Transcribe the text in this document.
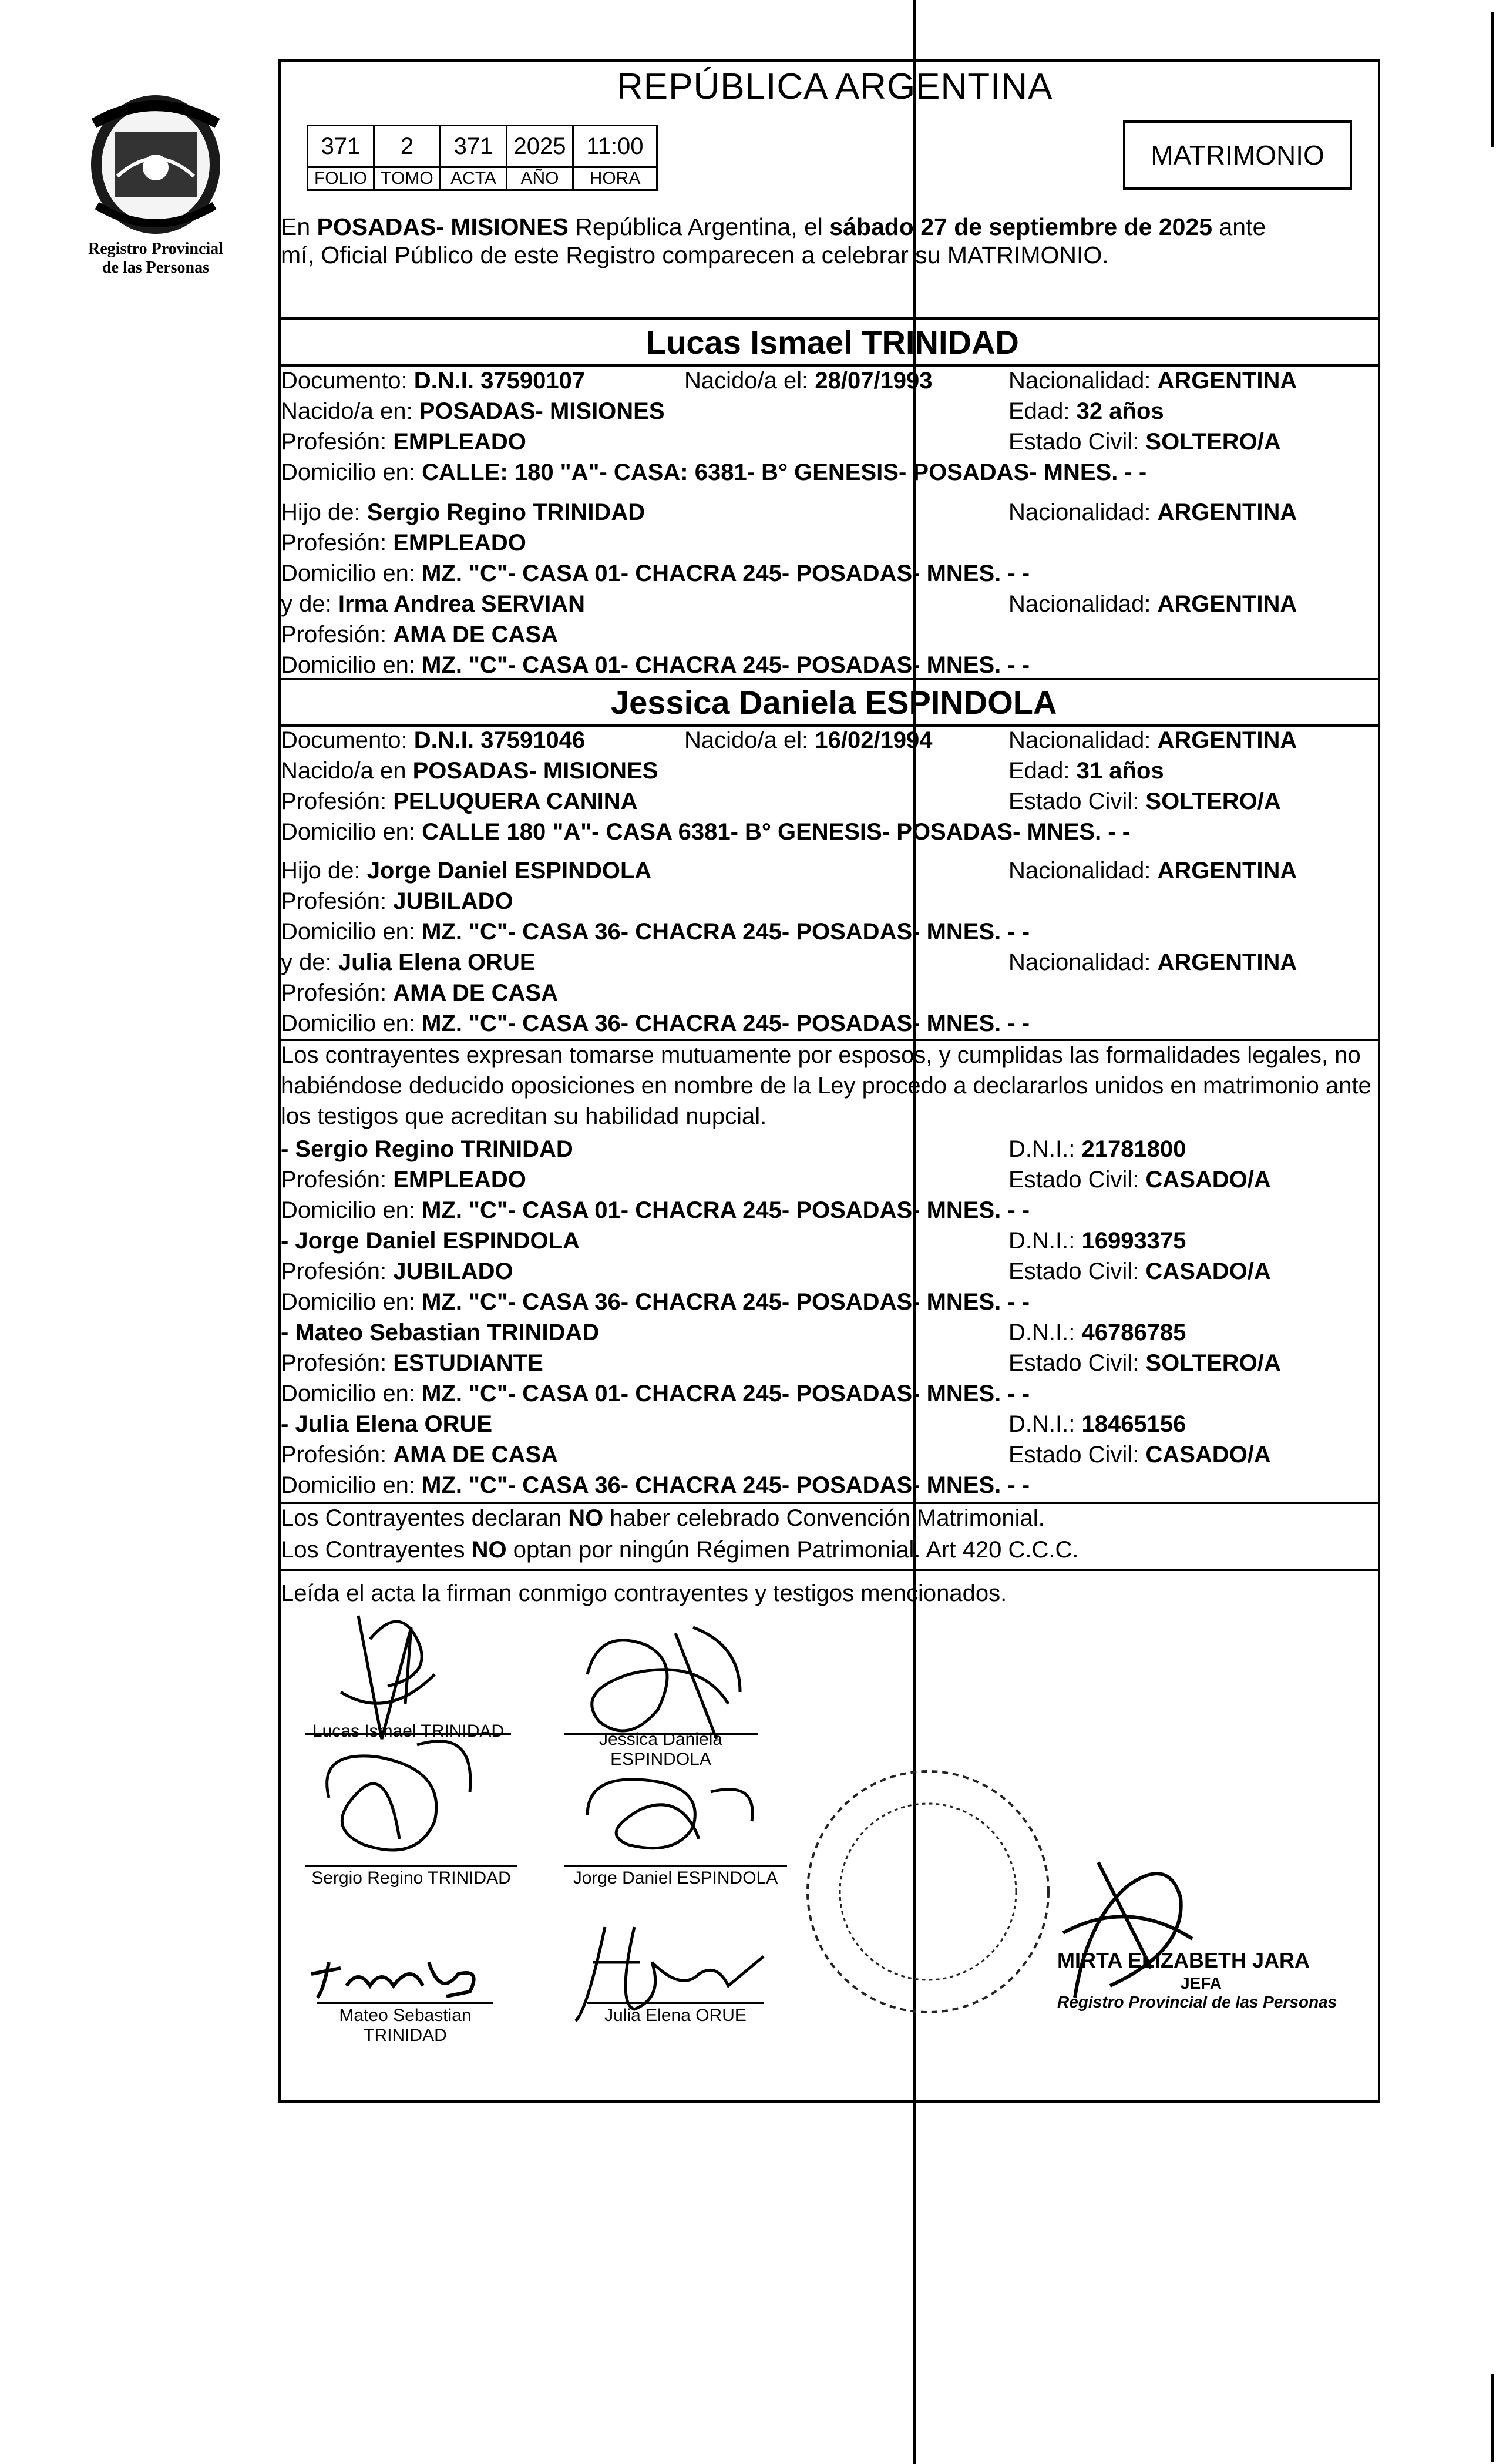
Registro Provincial
de las Personas
REPÚBLICA ARGENTINA
371	2	371	2025	11:00
FOLIO	TOMO	ACTA	AÑO	HORA
MATRIMONIO
En POSADAS- MISIONES República Argentina, el sábado 27 de septiembre de 2025 ante
mí, Oficial Público de este Registro comparecen a celebrar su MATRIMONIO.
Lucas Ismael TRINIDAD
Documento: D.N.I. 37590107	Nacido/a el: 28/07/1993	Nacionalidad: ARGENTINA
Nacido/a en: POSADAS- MISIONES	Edad: 32 años
Profesión: EMPLEADO	Estado Civil: SOLTERO/A
Domicilio en: CALLE: 180 "A"- CASA: 6381- B° GENESIS- POSADAS- MNES. - -
Hijo de: Sergio Regino TRINIDAD	Nacionalidad: ARGENTINA
Profesión: EMPLEADO
Domicilio en: MZ. "C"- CASA 01- CHACRA 245- POSADAS- MNES. - -
y de: Irma Andrea SERVIAN	Nacionalidad: ARGENTINA
Profesión: AMA DE CASA
Domicilio en: MZ. "C"- CASA 01- CHACRA 245- POSADAS- MNES. - -
Jessica Daniela ESPINDOLA
Documento: D.N.I. 37591046	Nacido/a el: 16/02/1994	Nacionalidad: ARGENTINA
Nacido/a en POSADAS- MISIONES	Edad: 31 años
Profesión: PELUQUERA CANINA	Estado Civil: SOLTERO/A
Domicilio en: CALLE 180 "A"- CASA 6381- B° GENESIS- POSADAS- MNES. - -
Hijo de: Jorge Daniel ESPINDOLA	Nacionalidad: ARGENTINA
Profesión: JUBILADO
Domicilio en: MZ. "C"- CASA 36- CHACRA 245- POSADAS- MNES. - -
y de: Julia Elena ORUE	Nacionalidad: ARGENTINA
Profesión: AMA DE CASA
Domicilio en: MZ. "C"- CASA 36- CHACRA 245- POSADAS- MNES. - -
Los contrayentes expresan tomarse mutuamente por esposos, y cumplidas las formalidades legales, no
habiéndose deducido oposiciones en nombre de la Ley procedo a declararlos unidos en matrimonio ante
los testigos que acreditan su habilidad nupcial.
- Sergio Regino TRINIDAD	D.N.I.: 21781800
Profesión: EMPLEADO	Estado Civil: CASADO/A
Domicilio en: MZ. "C"- CASA 01- CHACRA 245- POSADAS- MNES. - -
- Jorge Daniel ESPINDOLA	D.N.I.: 16993375
Profesión: JUBILADO	Estado Civil: CASADO/A
Domicilio en: MZ. "C"- CASA 36- CHACRA 245- POSADAS- MNES. - -
- Mateo Sebastian TRINIDAD	D.N.I.: 46786785
Profesión: ESTUDIANTE	Estado Civil: SOLTERO/A
Domicilio en: MZ. "C"- CASA 01- CHACRA 245- POSADAS- MNES. - -
- Julia Elena ORUE	D.N.I.: 18465156
Profesión: AMA DE CASA	Estado Civil: CASADO/A
Domicilio en: MZ. "C"- CASA 36- CHACRA 245- POSADAS- MNES. - -
Los Contrayentes declaran NO haber celebrado Convención Matrimonial.
Los Contrayentes NO optan por ningún Régimen Patrimonial. Art 420 C.C.C.
Leída el acta la firman conmigo contrayentes y testigos mencionados.
Lucas Ismael TRINIDAD	Jessica Daniela
ESPINDOLA
Sergio Regino TRINIDAD	Jorge Daniel ESPINDOLA
Mateo Sebastian
TRINIDAD
Julia Elena ORUE
MIRTA ELIZABETH JARA
JEFA
Registro Provincial de las Personas
